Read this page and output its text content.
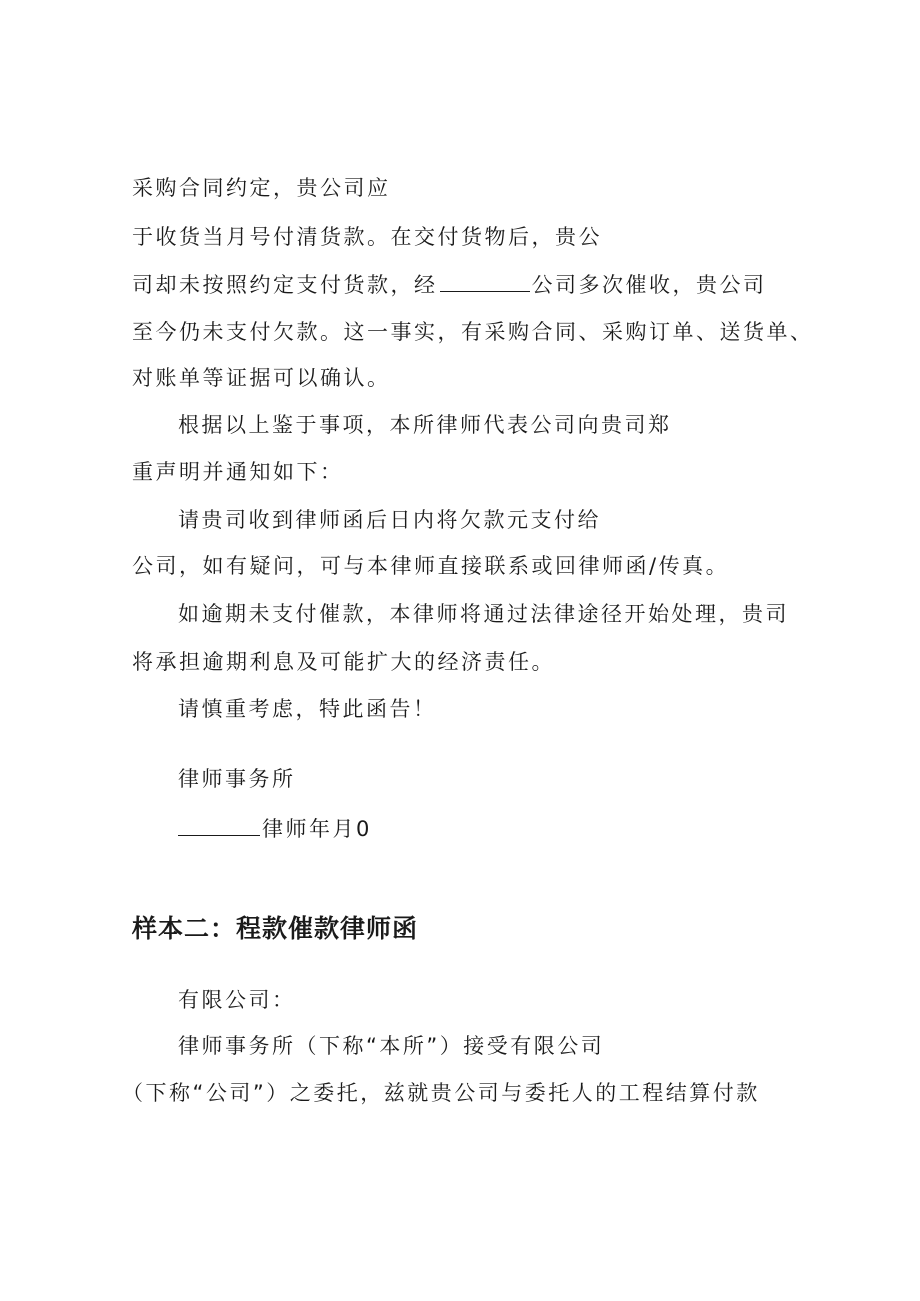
采购合同约定，贵公司应
于收货当月号付清货款。在交付货物后，贵公
司却未按照约定支付货款，经	公司多次催收，贵公司
至今仍未支付欠款。这一事实，有采购合同、采购订单、送货单、
对账单等证据可以确认。
根据以上鉴于事项，本所律师代表公司向贵司郑
重声明并通知如下：
请贵司收到律师函后日内将欠款元支付给
公司，如有疑问，可与本律师直接联系或回律师函/传真。
如逾期未支付催款，本律师将通过法律途径开始处理，贵司
将承担逾期利息及可能扩大的经济责任。
请慎重考虑，特此函告！
律师事务所
律师年月0
样本二：程款催款律师函
有限公司：
律师事务所（下称“本所”）接受有限公司
（下称“公司”）之委托，兹就贵公司与委托人的工程结算付款
